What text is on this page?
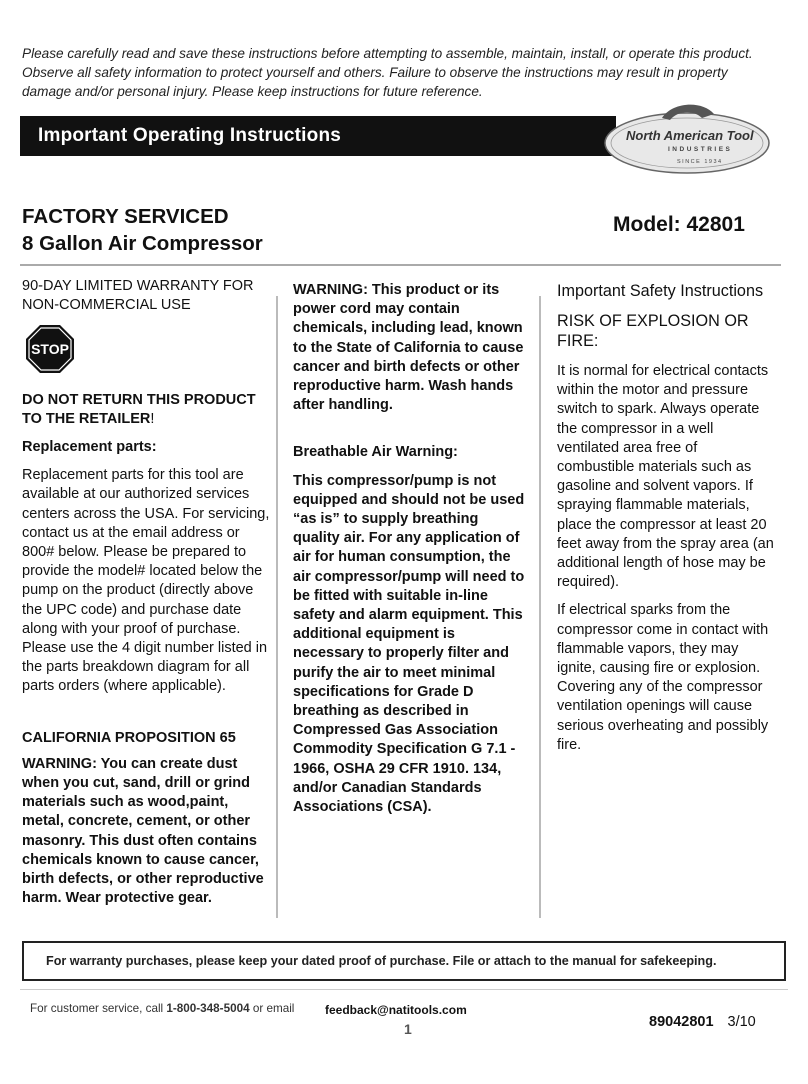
Please carefully read and save these instructions before attempting to assemble, maintain, install, or operate this product. Observe all safety information to protect yourself and others. Failure to observe the instructions may result in property damage and/or personal injury. Please keep instructions for future reference.
Important Operating Instructions	North American Tool
INDUSTRIES
SINCE 1934
FACTORY SERVICED
8 Gallon Air Compressor
Model: 42801

90-DAY LIMITED WARRANTY FOR NON-COMMERCIAL USE

STOP

DO NOT RETURN THIS PRODUCT TO THE RETAILER!

Replacement parts:

Replacement parts for this tool are available at our authorized services centers across the USA. For servicing, contact us at the email address or 800# below. Please be prepared to provide the model# located below the pump on the product (directly above the UPC code) and purchase date along with your proof of purchase. Please use the 4 digit number listed in the parts breakdown diagram for all parts orders (where applicable).

CALIFORNIA PROPOSITION 65

WARNING: You can create dust when you cut, sand, drill or grind materials such as wood,paint, metal, concrete, cement, or other masonry. This dust often contains chemicals known to cause cancer, birth defects, or other reproductive harm. Wear protective gear.

WARNING: This product or its power cord may contain chemicals, including lead, known to the State of California to cause cancer and birth defects or other reproductive harm. Wash hands after handling.

Breathable Air Warning:

This compressor/pump is not equipped and should not be used “as is” to supply breathing quality air. For any application of air for human consumption, the air compressor/pump will need to be fitted with suitable in-line safety and alarm equipment. This additional equipment is necessary to properly filter and purify the air to meet minimal specifications for Grade D breathing as described in Compressed Gas Association Commodity Specification G 7.1 - 1966, OSHA 29 CFR 1910. 134, and/or Canadian Standards Associations (CSA).

Important Safety Instructions

RISK OF EXPLOSION OR FIRE:

It is normal for electrical contacts within the motor and pressure switch to spark. Always operate the compressor in a well ventilated area free of combustible materials such as gasoline and solvent vapors. If spraying flammable materials, place the compressor at least 20 feet away from the spray area (an additional length of hose may be required).

If electrical sparks from the compressor come in contact with flammable vapors, they may ignite, causing fire or explosion. Covering any of the compressor ventilation openings will cause serious overheating and possibly fire.

For warranty purchases, please keep your dated proof of purchase. File or attach to the manual for safekeeping.
For customer service, call 1-800-348-5004 or email	feedback@natitools.com
1	89042801 3/10
